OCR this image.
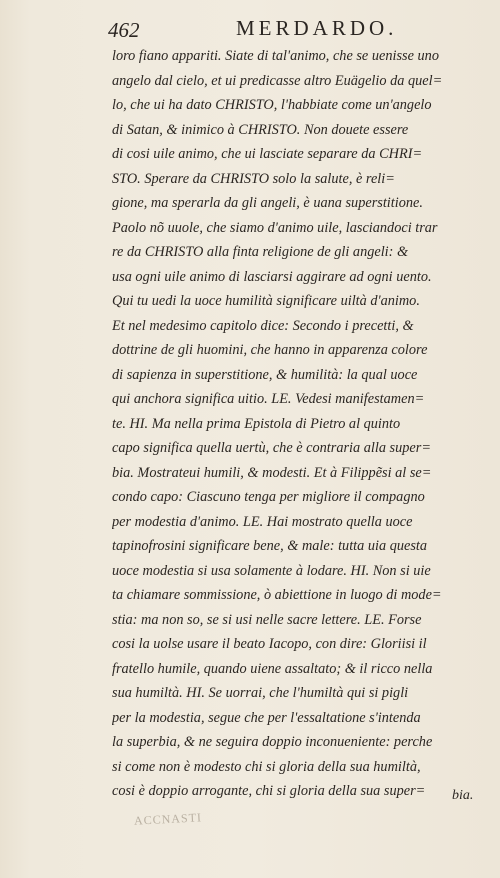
462	MERDARDO.
loro fiano appariti. Siate di tal'animo, che se uenisse uno
angelo dal cielo, et ui predicasse altro Euägelio da quel=
lo, che ui ha dato CHRISTO, l'habbiate come un'angelo
di Satan, & inimico à CHRISTO. Non douete essere
di cosi uile animo, che ui lasciate separare da CHRI=
STO. Sperare da CHRISTO solo la salute, è reli=
gione, ma sperarla da gli angeli, è uana superstitione.
Paolo nõ uuole, che siamo d'animo uile, lasciandoci trar
re da CHRISTO alla finta religione de gli angeli: &
usa ogni uile animo di lasciarsi aggirare ad ogni uento.
Qui tu uedi la uoce humilità significare uiltà d'animo.
Et nel medesimo capitolo dice: Secondo i precetti, &
dottrine de gli huomini, che hanno in apparenza colore
di sapienza in superstitione, & humilità: la qual uoce
qui anchora significa uitio. LE. Vedesi manifestamen=
te. HI. Ma nella prima Epistola di Pietro al quinto
capo significa quella uertù, che è contraria alla super=
bia. Mostrateui humili, & modesti. Et à Filippẽsi al se=
condo capo: Ciascuno tenga per migliore il compagno
per modestia d'animo. LE. Hai mostrato quella uoce
tapinofrosini significare bene, & male: tutta uia questa
uoce modestia si usa solamente à lodare. HI. Non si uie
ta chiamare sommissione, ò abiettione in luogo di mode=
stia: ma non so, se si usi nelle sacre lettere. LE. Forse
cosi la uolse usare il beato Iacopo, con dire: Gloriisi il
fratello humile, quando uiene assaltato; & il ricco nella
sua humiltà. HI. Se uorrai, che l'humiltà qui si pigli
per la modestia, segue che per l'essaltatione s'intenda
la superbia, & ne seguira doppio inconueniente: perche
si come non è modesto chi si gloria della sua humiltà,
cosi è doppio arrogante, chi si gloria della sua super=	bia.
ACCNASTI
